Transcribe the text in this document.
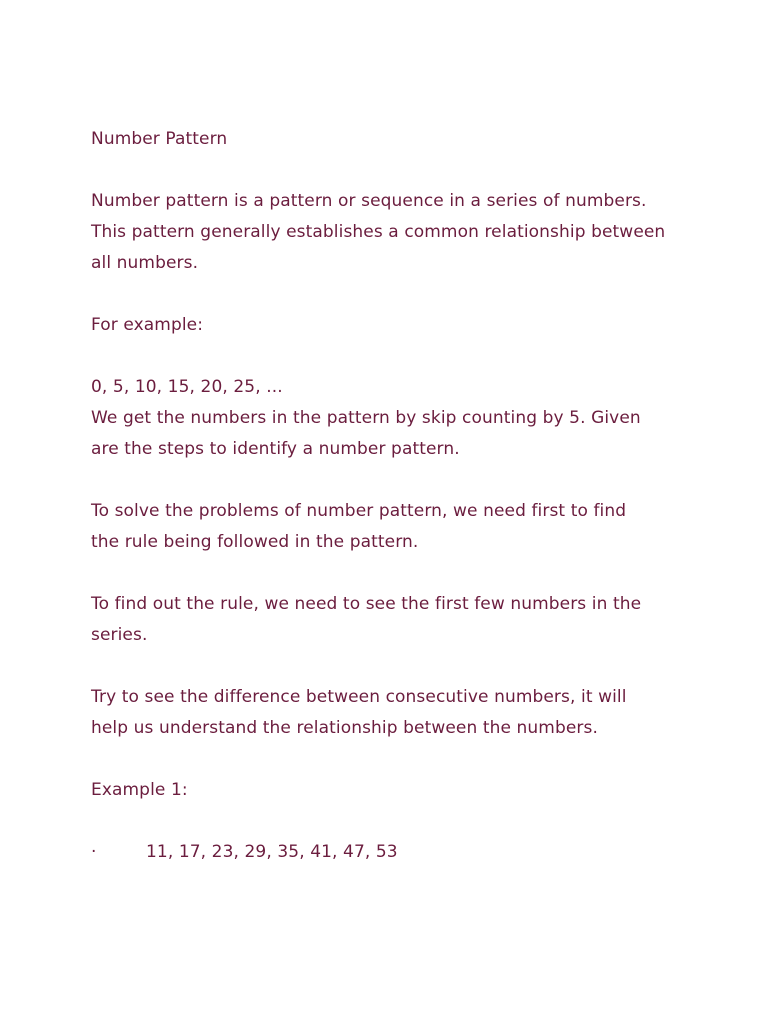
Number Pattern

Number pattern is a pattern or sequence in a series of numbers.
This pattern generally establishes a common relationship between
all numbers.

For example:

0, 5, 10, 15, 20, 25, ...
We get the numbers in the pattern by skip counting by 5. Given
are the steps to identify a number pattern.

To solve the problems of number pattern, we need first to find
the rule being followed in the pattern.

To find out the rule, we need to see the first few numbers in the
series.

Try to see the difference between consecutive numbers, it will
help us understand the relationship between the numbers.

Example 1:

·	11, 17, 23, 29, 35, 41, 47, 53
